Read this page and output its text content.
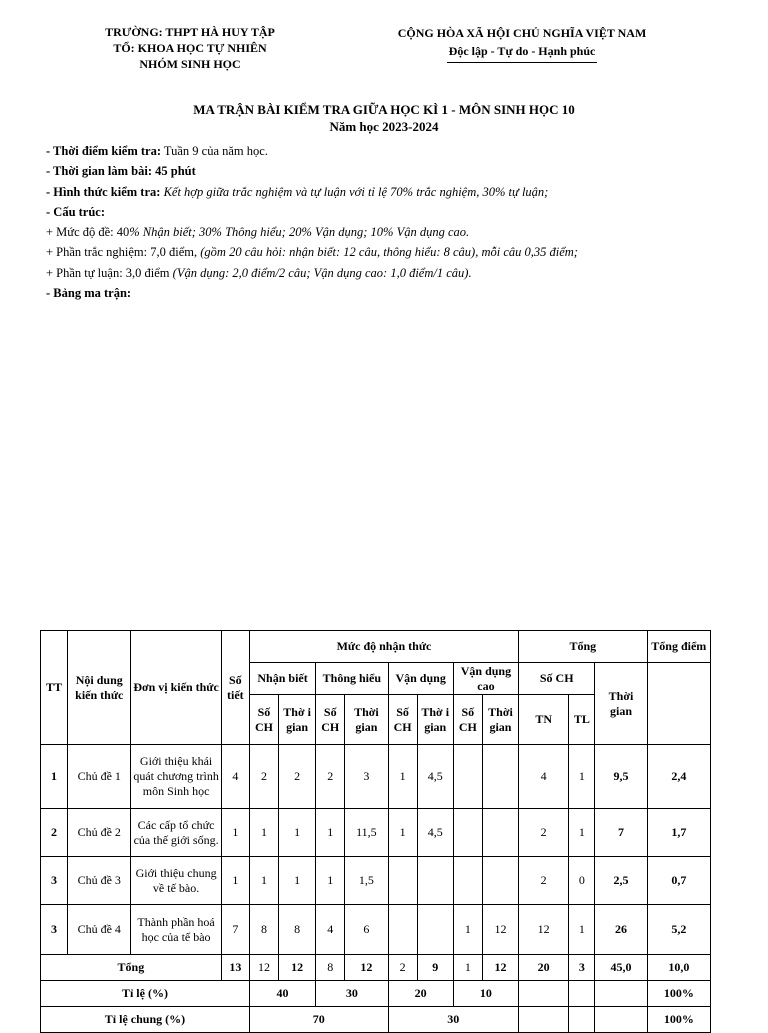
TRƯỜNG: THPT HÀ HUY TẬP
TỔ: KHOA HỌC TỰ NHIÊN
NHÓM SINH HỌC
CỘNG HÒA XÃ HỘI CHỦ NGHĨA VIỆT NAM
Độc lập - Tự do - Hạnh phúc
MA TRẬN BÀI KIỂM TRA GIỮA HỌC KÌ 1 - MÔN SINH HỌC 10
Năm học 2023-2024

- Thời điểm kiểm tra: Tuần 9 của năm học.

- Thời gian làm bài: 45 phút

- Hình thức kiểm tra: Kết hợp giữa trắc nghiệm và tự luận với tỉ lệ 70% trắc nghiệm, 30% tự luận;

- Cấu trúc:

+ Mức độ đề: 40% Nhận biết; 30% Thông hiểu; 20% Vận dụng; 10% Vận dụng cao.

+ Phần trắc nghiệm: 7,0 điểm, (gồm 20 câu hỏi: nhận biết: 12 câu, thông hiểu: 8 câu), mỗi câu 0,35 điểm;

+ Phần tự luận: 3,0 điểm (Vận dụng: 2,0 điểm/2 câu; Vận dụng cao: 1,0 điểm/1 câu).

- Bảng ma trận:

TT	Nội dung kiến thức	Đơn vị kiến thức	Số tiết	Mức độ nhận thức								Tổng			Tổng điểm
				Nhận biết		Thông hiểu		Vận dụng		Vận dụng cao		Số CH		Thời gian	
				Số CH	Thờ i gian	Số CH	Thời gian	Số CH	Thờ i gian	Số CH	Thời gian	TN	TL		
1	Chủ đề 1	Giới thiệu khái quát chương trình môn Sinh học	4	2	2	2	3	1	4,5			4	1	9,5	2,4
2	Chủ đề 2	Các cấp tổ chức của thế giới sống.	1	1	1	1	11,5	1	4,5			2	1	7	1,7
3	Chủ đề 3	Giới thiệu chung về tế bào.	1	1	1	1	1,5					2	0	2,5	0,7
3	Chủ đề 4	Thành phần hoá học của tế bào	7	8	8	4	6			1	12	12	1	26	5,2
Tổng			13	12	12	8	12	2	9	1	12	20	3	45,0	10,0
Tỉ lệ (%)				40		30		20		10					100%
Tỉ lệ chung (%)				70				30							100%
